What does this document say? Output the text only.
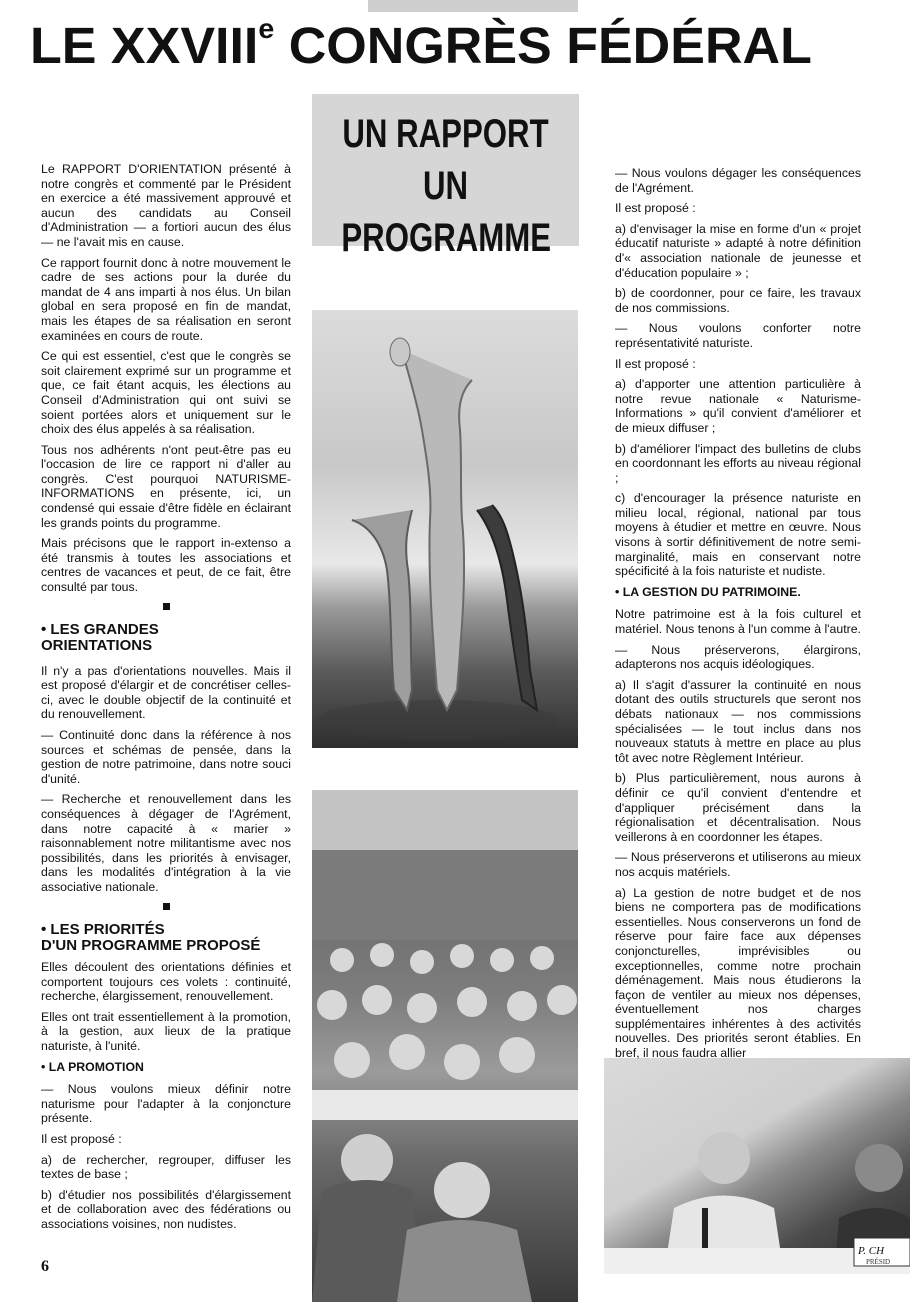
LE XXVIIIe CONGRÈS FÉDÉRAL
UN RAPPORT
UN PROGRAMME

Le RAPPORT D'ORIENTATION présenté à notre congrès et commenté par le Président en exercice a été massivement approuvé et aucun des candidats au Conseil d'Administration — a fortiori aucun des élus — ne l'avait mis en cause.

Ce rapport fournit donc à notre mouvement le cadre de ses actions pour la durée du mandat de 4 ans imparti à nos élus. Un bilan global en sera proposé en fin de mandat, mais les étapes de sa réalisation en seront examinées en cours de route.

Ce qui est essentiel, c'est que le congrès se soit clairement exprimé sur un programme et que, ce fait étant acquis, les élections au Conseil d'Administration qui ont suivi se soient portées alors et uniquement sur le choix des élus appelés à sa réalisation.

Tous nos adhérents n'ont peut-être pas eu l'occasion de lire ce rapport ni d'aller au congrès. C'est pourquoi NATURISME-INFORMATIONS en présente, ici, un condensé qui essaie d'être fidèle en éclairant les grands points du programme.

Mais précisons que le rapport in-extenso a été transmis à toutes les associations et centres de vacances et peut, de ce fait, être consulté par tous.

• LES GRANDES
ORIENTATIONS

Il n'y a pas d'orientations nouvelles. Mais il est proposé d'élargir et de concrétiser celles-ci, avec le double objectif de la continuité et du renouvellement.

— Continuité donc dans la référence à nos sources et schémas de pensée, dans la gestion de notre patrimoine, dans notre souci d'unité.

— Recherche et renouvellement dans les conséquences à dégager de l'Agrément, dans notre capacité à « marier » raisonnablement notre militantisme avec nos possibilités, dans les priorités à envisager, dans les modalités d'intégration à la vie associative nationale.

• LES PRIORITÉS
D'UN PROGRAMME PROPOSÉ

Elles découlent des orientations définies et comportent toujours ces volets : continuité, recherche, élargissement, renouvellement.

Elles ont trait essentiellement à la promotion, à la gestion, aux lieux de la pratique naturiste, à l'unité.

• LA PROMOTION

— Nous voulons mieux définir notre naturisme pour l'adapter à la conjoncture présente.

Il est proposé :

a) de rechercher, regrouper, diffuser les textes de base ;

b) d'étudier nos possibilités d'élargissement et de collaboration avec des fédérations ou associations voisines, non nudistes.

P. CH
PRÉSID

— Nous voulons dégager les conséquences de l'Agrément.

Il est proposé :

a) d'envisager la mise en forme d'un « projet éducatif naturiste » adapté à notre définition d'« association nationale de jeunesse et d'éducation populaire » ;

b) de coordonner, pour ce faire, les travaux de nos commissions.

— Nous voulons conforter notre représentativité naturiste.

Il est proposé :

a) d'apporter une attention particulière à notre revue nationale « Naturisme-Informations » qu'il convient d'améliorer et de mieux diffuser ;

b) d'améliorer l'impact des bulletins de clubs en coordonnant les efforts au niveau régional ;

c) d'encourager la présence naturiste en milieu local, régional, national par tous moyens à étudier et mettre en œuvre. Nous visons à sortir définitivement de notre semi-marginalité, mais en conservant notre spécificité à la fois naturiste et nudiste.

• LA GESTION DU PATRIMOINE.

Notre patrimoine est à la fois culturel et matériel. Nous tenons à l'un comme à l'autre.

— Nous préserverons, élargirons, adapterons nos acquis idéologiques.

a) Il s'agit d'assurer la continuité en nous dotant des outils structurels que seront nos débats nationaux — nos commissions spécialisées — le tout inclus dans nos nouveaux statuts à mettre en place au plus tôt avec notre Règlement Intérieur.

b) Plus particulièrement, nous aurons à définir ce qu'il convient d'entendre et d'appliquer précisément dans la régionalisation et décentralisation. Nous veillerons à en coordonner les étapes.

— Nous préserverons et utiliserons au mieux nos acquis matériels.

a) La gestion de notre budget et de nos biens ne comportera pas de modifications essentielles. Nous conserverons un fond de réserve pour faire face aux dépenses conjoncturelles, imprévisibles ou exceptionnelles, comme notre prochain déménagement. Mais nous étudierons la façon de ventiler au mieux nos dépenses, éventuellement nos charges supplémentaires inhérentes à des activités nouvelles. Des priorités seront établies. En bref, il nous faudra allier

6
